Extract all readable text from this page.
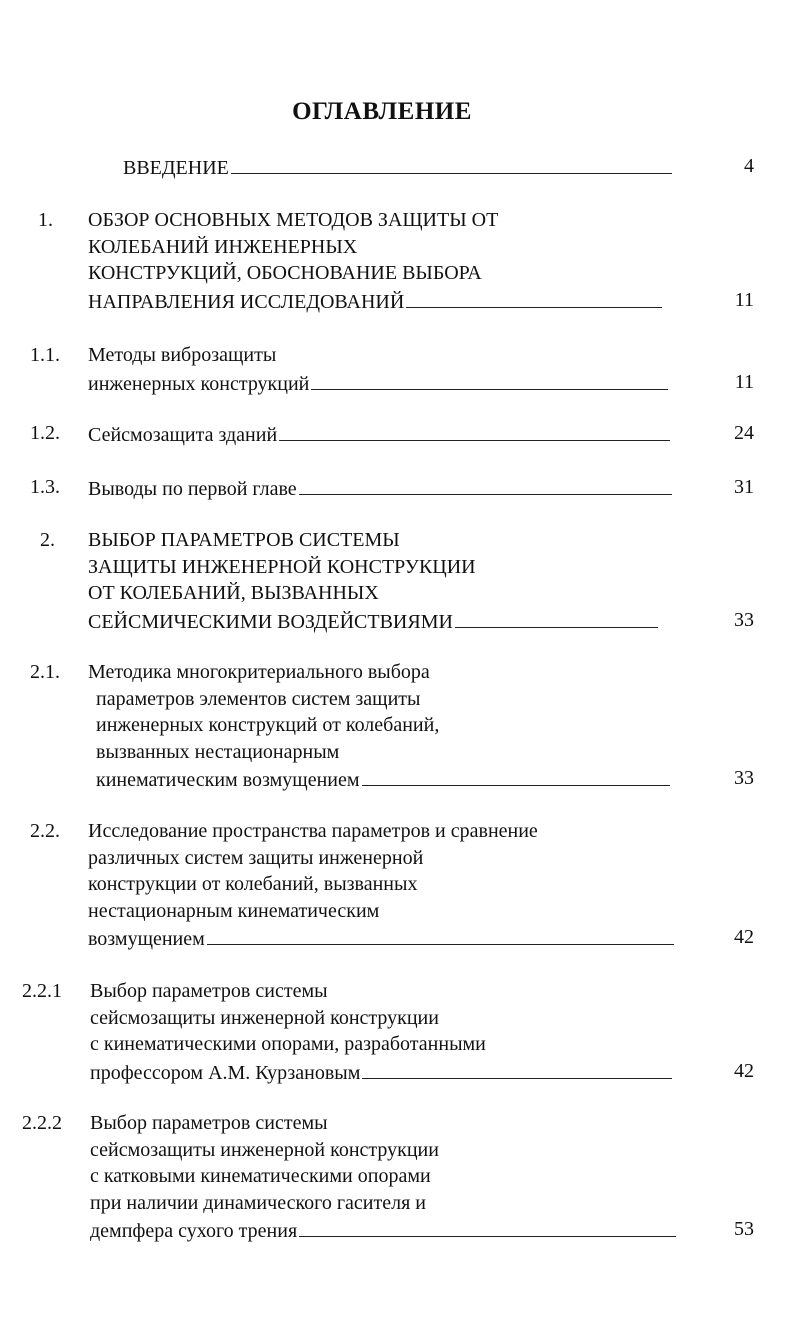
ОГЛАВЛЕНИЕ
ВВЕДЕНИЕ	4
1. ОБЗОР ОСНОВНЫХ МЕТОДОВ ЗАЩИТЫ ОТ
КОЛЕБАНИЙ ИНЖЕНЕРНЫХ
КОНСТРУКЦИЙ, ОБОСНОВАНИЕ ВЫБОРА
НАПРАВЛЕНИЯ ИССЛЕДОВАНИЙ	11
1.1. Методы виброзащиты
инженерных конструкций	11
1.2. Сейсмозащита зданий	24
1.3. Выводы по первой главе	31
2. ВЫБОР ПАРАМЕТРОВ СИСТЕМЫ
ЗАЩИТЫ ИНЖЕНЕРНОЙ КОНСТРУКЦИИ
ОТ КОЛЕБАНИЙ, ВЫЗВАННЫХ
СЕЙСМИЧЕСКИМИ ВОЗДЕЙСТВИЯМИ	33
2.1. Методика многокритериального выбора
параметров элементов систем защиты
инженерных конструкций от колебаний,
вызванных нестационарным
кинематическим возмущением	33
2.2. Исследование пространства параметров и сравнение
различных систем защиты инженерной
конструкции от колебаний, вызванных
нестационарным кинематическим
возмущением	42
2.2.1 Выбор параметров системы
сейсмозащиты инженерной конструкции
с кинематическими опорами, разработанными
профессором А.М. Курзановым	42
2.2.2 Выбор параметров системы
сейсмозащиты инженерной конструкции
с катковыми кинематическими опорами
при наличии динамического гасителя и
демпфера сухого трения	53
